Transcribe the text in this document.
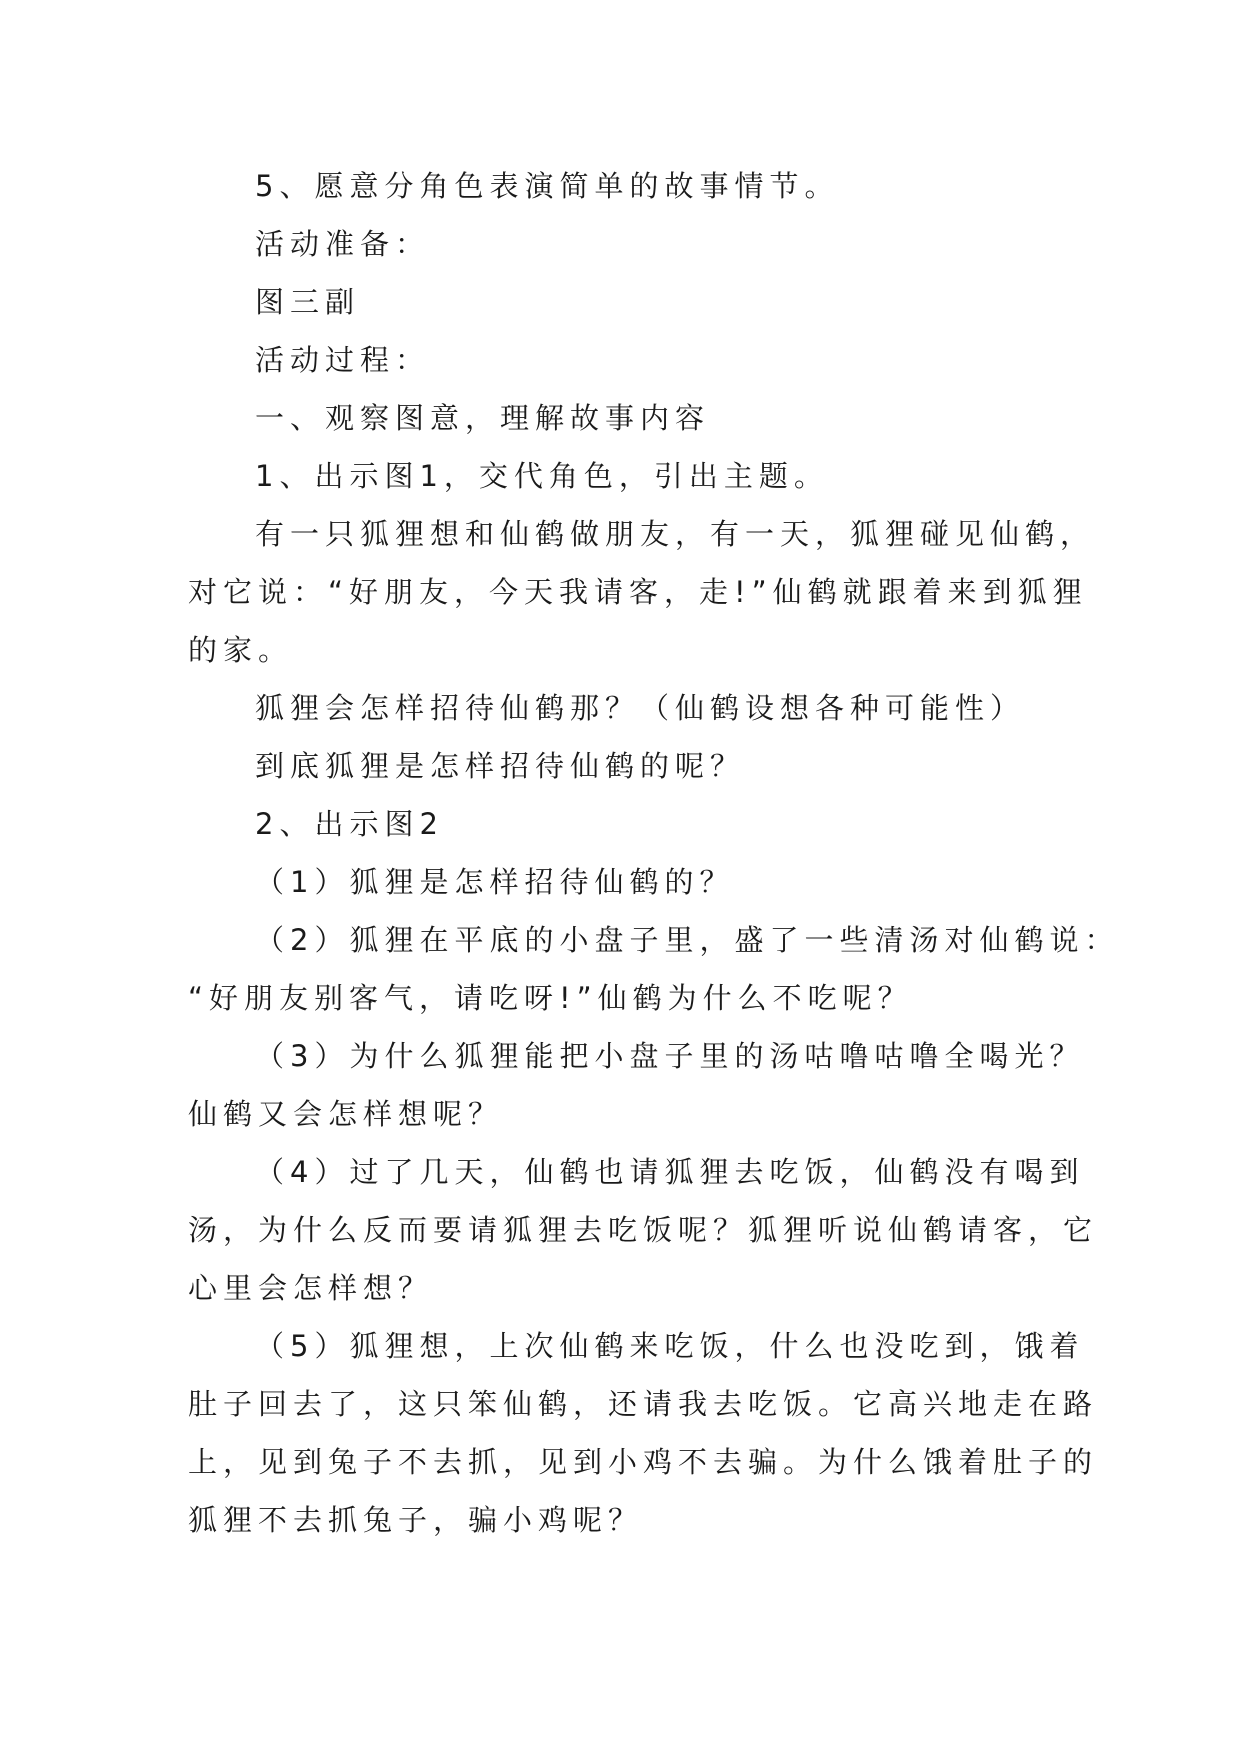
5、愿意分角色表演简单的故事情节。
活动准备：
图三副
活动过程：
一、观察图意，理解故事内容
1、出示图1，交代角色，引出主题。
有一只狐狸想和仙鹤做朋友，有一天，狐狸碰见仙鹤，
对它说：“好朋友，今天我请客，走!”仙鹤就跟着来到狐狸
的家。
狐狸会怎样招待仙鹤那？（仙鹤设想各种可能性）
到底狐狸是怎样招待仙鹤的呢？
2、出示图2
（1）狐狸是怎样招待仙鹤的？
（2）狐狸在平底的小盘子里，盛了一些清汤对仙鹤说：
“好朋友别客气，请吃呀!”仙鹤为什么不吃呢？
（3）为什么狐狸能把小盘子里的汤咕噜咕噜全喝光？
仙鹤又会怎样想呢？
（4）过了几天，仙鹤也请狐狸去吃饭，仙鹤没有喝到
汤，为什么反而要请狐狸去吃饭呢？狐狸听说仙鹤请客，它
心里会怎样想？
（5）狐狸想，上次仙鹤来吃饭，什么也没吃到，饿着
肚子回去了，这只笨仙鹤，还请我去吃饭。它高兴地走在路
上，见到兔子不去抓，见到小鸡不去骗。为什么饿着肚子的
狐狸不去抓兔子，骗小鸡呢？
